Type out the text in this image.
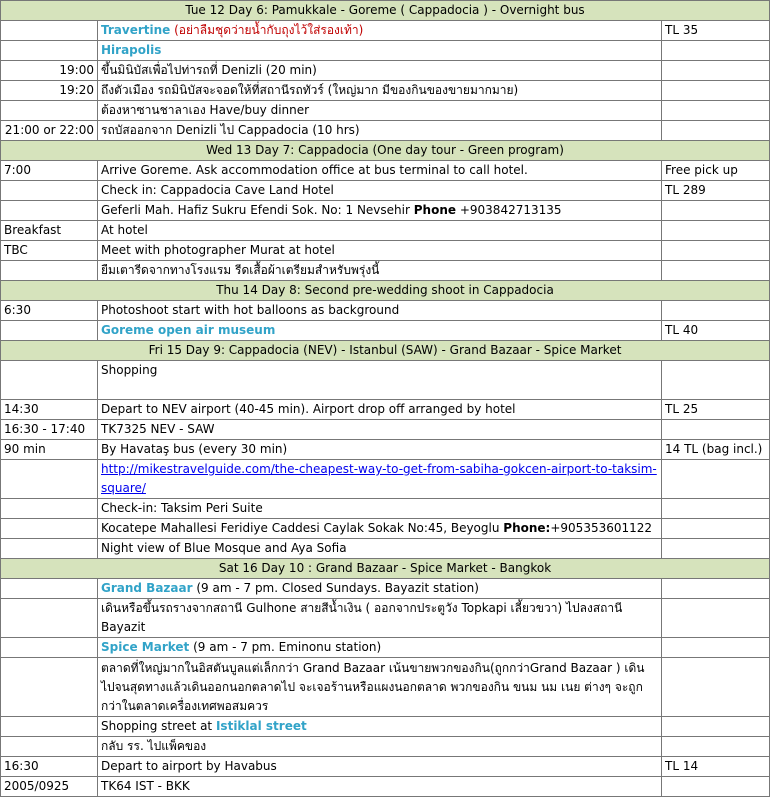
Tue 12 Day 6: Pamukkale - Goreme ( Cappadocia ) - Overnight bus		
	Travertine (อย่าลืมชุดว่ายน้ำกับถุงไว้ใส่รองเท้า)	TL 35
	Hirapolis	
19:00	ขึ้นมินิบัสเพื่อไปท่ารถที่ Denizli (20 min)	
19:20	ถึงตัวเมือง รถมินิบัสจะจอดให้ที่สถานีรถทัวร์ (ใหญ่มาก มีของกินของขายมากมาย)	
	ต้องหาซานชาลาเอง Have/buy dinner	
21:00 or 22:00	รถบัสออกจาก Denizli ไป Cappadocia (10 hrs)	
Wed 13 Day 7: Cappadocia (One day tour - Green program)		
7:00	Arrive Goreme. Ask accommodation office at bus terminal to call hotel.	Free pick up
	Check in: Cappadocia Cave Land Hotel	TL 289
	Geferli Mah. Hafiz Sukru Efendi Sok. No: 1 Nevsehir Phone +903842713135	
Breakfast	At hotel	
TBC	Meet with photographer Murat at hotel	
	ยืมเตารีดจากทางโรงแรม รีดเสื้อผ้าเตรียมสำหรับพรุ่งนี้	
Thu 14 Day 8: Second pre-wedding shoot in Cappadocia		
6:30	Photoshoot start with hot balloons as background	
	Goreme open air museum	TL 40
Fri 15 Day 9: Cappadocia (NEV) - Istanbul (SAW) - Grand Bazaar - Spice Market		
	Shopping	
14:30	Depart to NEV airport (40-45 min). Airport drop off arranged by hotel	TL 25
16:30 - 17:40	TK7325 NEV - SAW	
90 min	By Havataş bus (every 30 min)	14 TL (bag incl.)
	http://mikestravelguide.com/the-cheapest-way-to-get-from-sabiha-gokcen-airport-to-taksim-square/	
	Check-in: Taksim Peri Suite	
	Kocatepe Mahallesi Feridiye Caddesi Caylak Sokak No:45, Beyoglu Phone:+905353601122	
	Night view of Blue Mosque and Aya Sofia	
Sat 16 Day 10 : Grand Bazaar - Spice Market - Bangkok		
	Grand Bazaar (9 am - 7 pm. Closed Sundays. Bayazit station)	
	เดินหรือขึ้นรถรางจากสถานี Gulhone สายสีน้ำเงิน ( ออกจากประตูวัง Topkapi เลี้ยวขวา) ไปลงสถานี Bayazit	
	Spice Market (9 am - 7 pm. Eminonu station)	
	ตลาดที่ใหญ่มากในอิสตันบูลแต่เล็กกว่า Grand Bazaar เน้นขายพวกของกิน(ถูกกว่าGrand Bazaar ) เดินไปจนสุดทางแล้วเดินออกนอกตลาดไป จะเจอร้านหรือแผงนอกตลาด พวกของกิน ขนม นม เนย ต่างๆ จะถูกกว่าในตลาดเครื่องเทศพอสมควร	
	Shopping street at Istiklal street	
	กลับ รร. ไปแพ็คของ	
16:30	Depart to airport by Havabus	TL 14
2005/0925	TK64 IST - BKK	
